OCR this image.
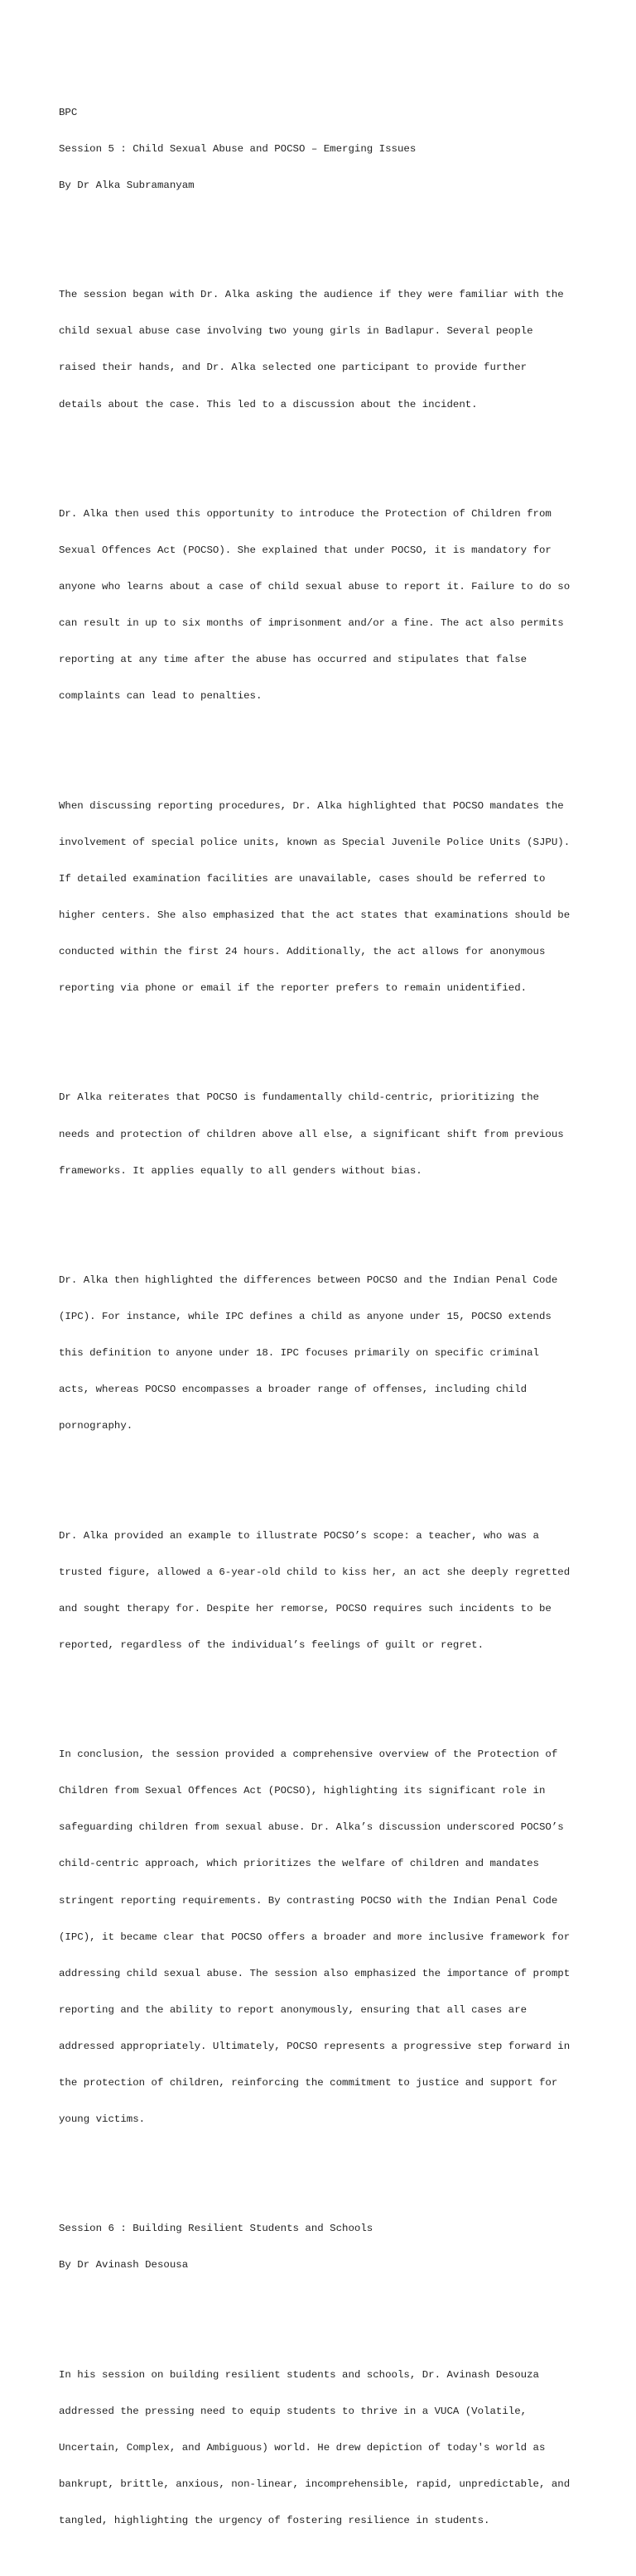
BPC

Session 5 : Child Sexual Abuse and POCSO – Emerging Issues

By Dr Alka Subramanyam

The session began with Dr. Alka asking the audience if they were familiar with the

child sexual abuse case involving two young girls in Badlapur. Several people

raised their hands, and Dr. Alka selected one participant to provide further

details about the case. This led to a discussion about the incident.

Dr. Alka then used this opportunity to introduce the Protection of Children from

Sexual Offences Act (POCSO). She explained that under POCSO, it is mandatory for

anyone who learns about a case of child sexual abuse to report it. Failure to do so

can result in up to six months of imprisonment and/or a fine. The act also permits

reporting at any time after the abuse has occurred and stipulates that false

complaints can lead to penalties.

When discussing reporting procedures, Dr. Alka highlighted that POCSO mandates the

involvement of special police units, known as Special Juvenile Police Units (SJPU).

If detailed examination facilities are unavailable, cases should be referred to

higher centers. She also emphasized that the act states that examinations should be

conducted within the first 24 hours. Additionally, the act allows for anonymous

reporting via phone or email if the reporter prefers to remain unidentified.

Dr Alka reiterates that POCSO is fundamentally child-centric, prioritizing the

needs and protection of children above all else, a significant shift from previous

frameworks. It applies equally to all genders without bias.

Dr. Alka then highlighted the differences between POCSO and the Indian Penal Code

(IPC). For instance, while IPC defines a child as anyone under 15, POCSO extends

this definition to anyone under 18. IPC focuses primarily on specific criminal

acts, whereas POCSO encompasses a broader range of offenses, including child

pornography.

Dr. Alka provided an example to illustrate POCSO’s scope: a teacher, who was a

trusted figure, allowed a 6-year-old child to kiss her, an act she deeply regretted

and sought therapy for. Despite her remorse, POCSO requires such incidents to be

reported, regardless of the individual’s feelings of guilt or regret.

In conclusion, the session provided a comprehensive overview of the Protection of

Children from Sexual Offences Act (POCSO), highlighting its significant role in

safeguarding children from sexual abuse. Dr. Alka’s discussion underscored POCSO’s

child-centric approach, which prioritizes the welfare of children and mandates

stringent reporting requirements. By contrasting POCSO with the Indian Penal Code

(IPC), it became clear that POCSO offers a broader and more inclusive framework for

addressing child sexual abuse. The session also emphasized the importance of prompt

reporting and the ability to report anonymously, ensuring that all cases are

addressed appropriately. Ultimately, POCSO represents a progressive step forward in

the protection of children, reinforcing the commitment to justice and support for

young victims.

Session 6 : Building Resilient Students and Schools

By Dr Avinash Desousa

In his session on building resilient students and schools, Dr. Avinash Desouza

addressed the pressing need to equip students to thrive in a VUCA (Volatile,

Uncertain, Complex, and Ambiguous) world. He drew depiction of today's world as

bankrupt, brittle, anxious, non-linear, incomprehensible, rapid, unpredictable, and

tangled, highlighting the urgency of fostering resilience in students.
